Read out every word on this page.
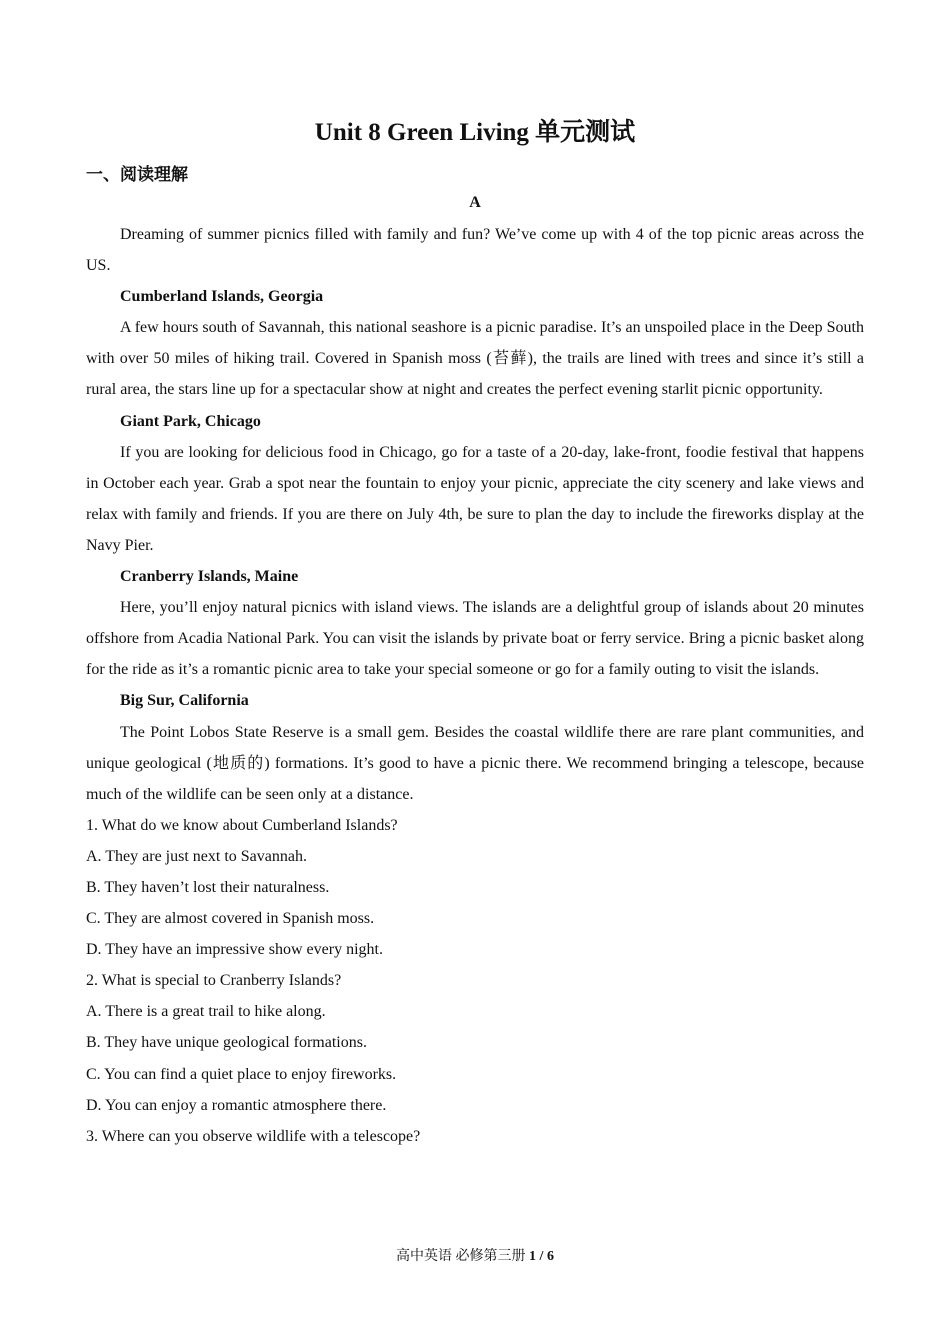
Unit 8 Green Living 单元测试
一、阅读理解
A

Dreaming of summer picnics filled with family and fun? We’ve come up with 4 of the top picnic areas across the US.

Cumberland Islands, Georgia

A few hours south of Savannah, this national seashore is a picnic paradise. It’s an unspoiled place in the Deep South with over 50 miles of hiking trail. Covered in Spanish moss (苔藓), the trails are lined with trees and since it’s still a rural area, the stars line up for a spectacular show at night and creates the perfect evening starlit picnic opportunity.

Giant Park, Chicago

If you are looking for delicious food in Chicago, go for a taste of a 20-day, lake-front, foodie festival that happens in October each year. Grab a spot near the fountain to enjoy your picnic, appreciate the city scenery and lake views and relax with family and friends. If you are there on July 4th, be sure to plan the day to include the fireworks display at the Navy Pier.

Cranberry Islands, Maine

Here, you’ll enjoy natural picnics with island views. The islands are a delightful group of islands about 20 minutes offshore from Acadia National Park. You can visit the islands by private boat or ferry service. Bring a picnic basket along for the ride as it’s a romantic picnic area to take your special someone or go for a family outing to visit the islands.

Big Sur, California

The Point Lobos State Reserve is a small gem. Besides the coastal wildlife there are rare plant communities, and unique geological (地质的) formations. It’s good to have a picnic there. We recommend bringing a telescope, because much of the wildlife can be seen only at a distance.

1. What do we know about Cumberland Islands?

A. They are just next to Savannah.

B. They haven’t lost their naturalness.

C. They are almost covered in Spanish moss.

D. They have an impressive show every night.

2. What is special to Cranberry Islands?

A. There is a great trail to hike along.

B. They have unique geological formations.

C. You can find a quiet place to enjoy fireworks.

D. You can enjoy a romantic atmosphere there.

3. Where can you observe wildlife with a telescope?

高中英语 必修第三册 1 / 6
